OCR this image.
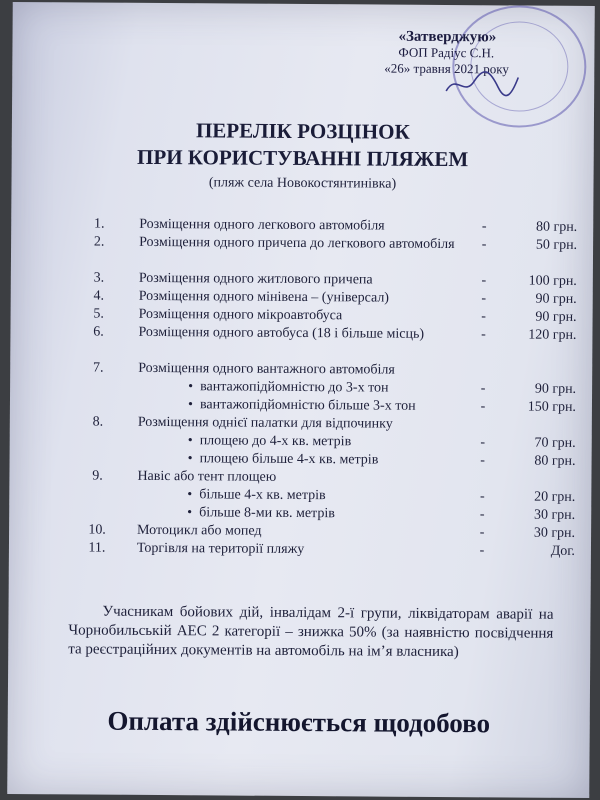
«Затверджую»
ФОП Радіус С.Н.
«26» травня 2021 року
ПЕРЕЛІК РОЗЦІНОК
ПРИ КОРИСТУВАННІ ПЛЯЖЕМ
(пляж села Новокостянтинівка)
1.	Розміщення одного легкового автомобіля	-	80 грн.
2.	Розміщення одного причепа до легкового автомобіля	-	50 грн.
3.	Розміщення одного житлового причепа	-	100 грн.
4.	Розміщення одного мінівена – (універсал)	-	90 грн.
5.	Розміщення одного мікроавтобуса	-	90 грн.
6.	Розміщення одного автобуса (18 і більше місць)	-	120 грн.
7.	Розміщення одного вантажного автомобіля
• вантажопідйомністю до 3-х тон	-	90 грн.
• вантажопідйомністю більше 3-х тон	-	150 грн.
8.	Розміщення однієї палатки для відпочинку
• площею до 4-х кв. метрів	-	70 грн.
• площею більше 4-х кв. метрів	-	80 грн.
9.	Навіс або тент площею
• більше 4-х кв. метрів	-	20 грн.
• більше 8-ми кв. метрів	-	30 грн.
10.	Мотоцикл або мопед	-	30 грн.
11.	Торгівля на території пляжу	-	Дог.
Учасникам бойових дій, інвалідам 2-ї групи, ліквідаторам аварії на Чорнобильській АЕС 2 категорії – знижка 50% (за наявністю посвідчення та реєстраційних документів на автомобіль на ім’я власника)
Оплата здійснюється щодобово
